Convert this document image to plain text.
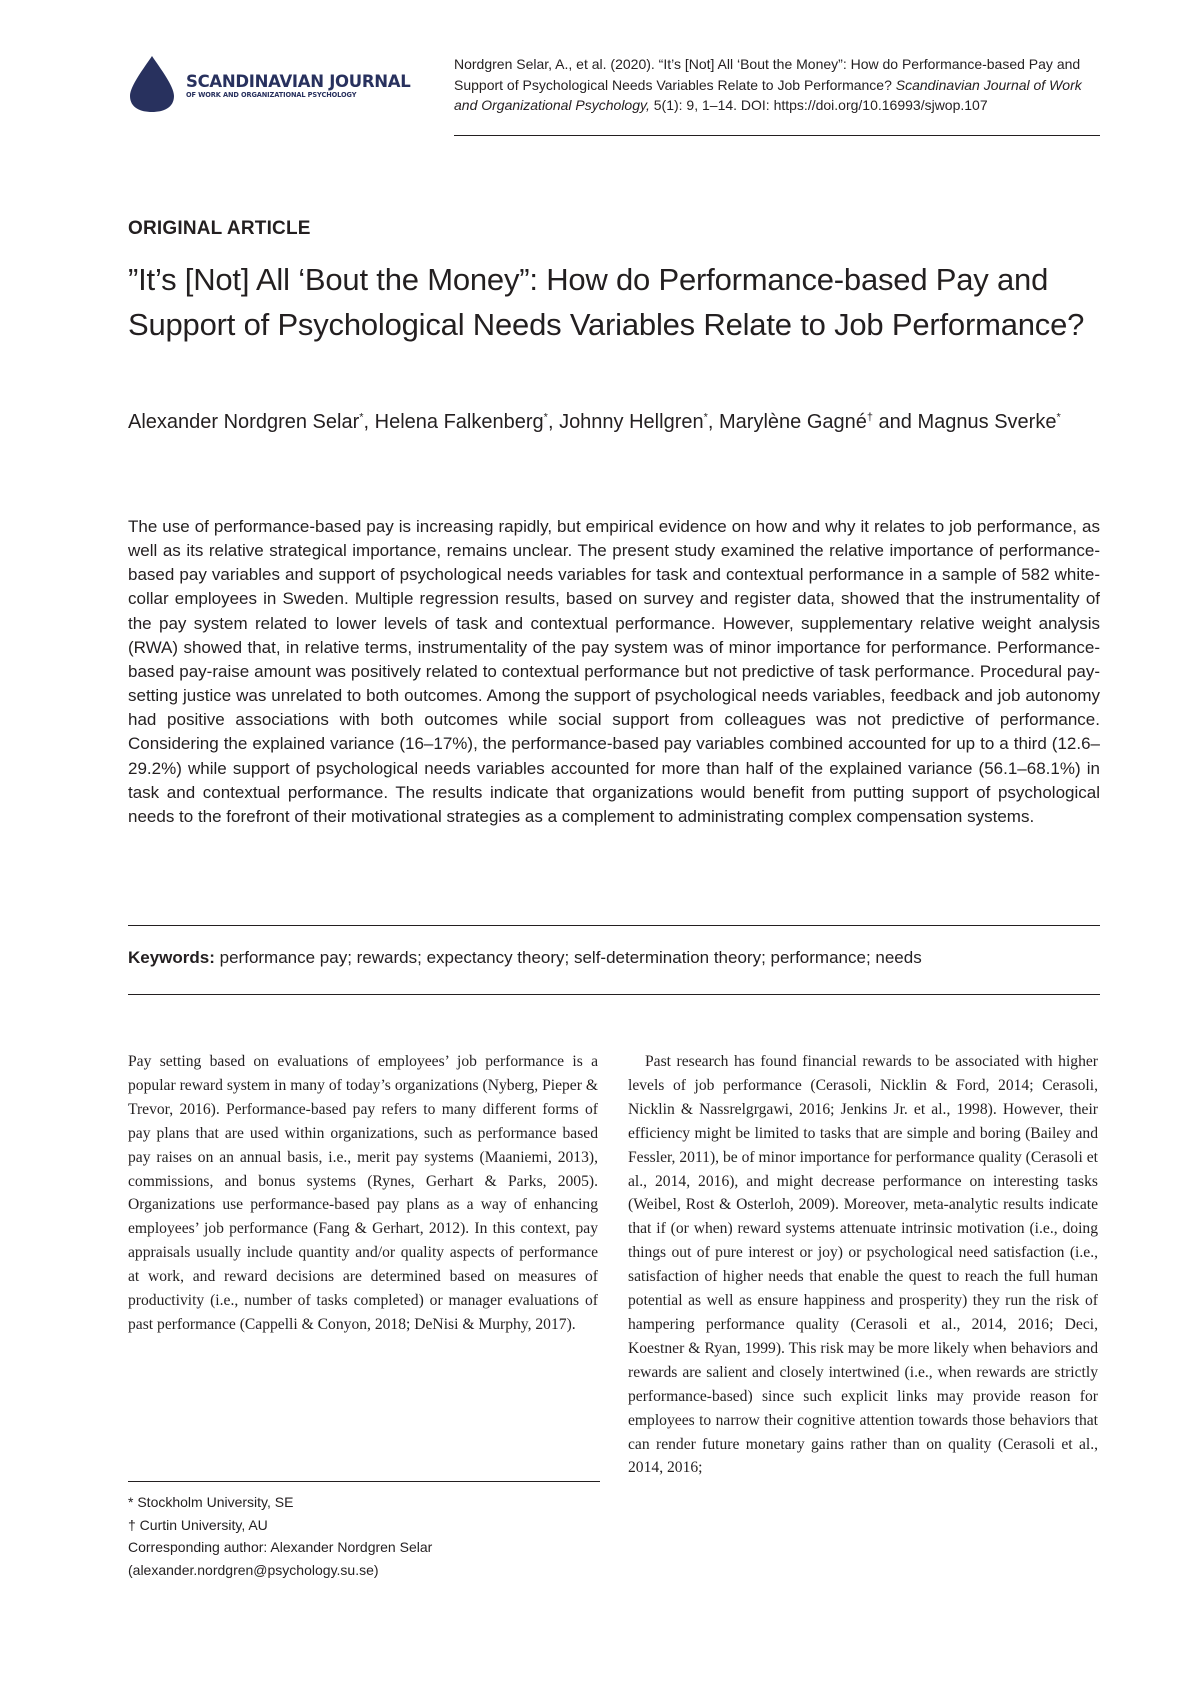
SCANDINAVIAN JOURNAL
OF WORK AND ORGANIZATIONAL PSYCHOLOGY
Nordgren Selar, A., et al. (2020). “It’s [Not] All ‘Bout the Money”: How do Performance-based Pay and Support of Psychological Needs Variables Relate to Job Performance? Scandinavian Journal of Work and Organizational Psychology, 5(1): 9, 1–14. DOI: https://doi.org/10.16993/sjwop.107
ORIGINAL ARTICLE
”It’s [Not] All ‘Bout the Money”: How do Performance-based Pay and Support of Psychological Needs Variables Relate to Job Performance?
Alexander Nordgren Selar*, Helena Falkenberg*, Johnny Hellgren*, Marylène Gagné† and Magnus Sverke*

The use of performance-based pay is increasing rapidly, but empirical evidence on how and why it relates to job performance, as well as its relative strategical importance, remains unclear. The present study examined the relative importance of performance-based pay variables and support of psychological needs variables for task and contextual performance in a sample of 582 white-collar employees in Sweden. Multiple regression results, based on survey and register data, showed that the instrumentality of the pay system related to lower levels of task and contextual performance. However, supplementary relative weight analysis (RWA) showed that, in relative terms, instrumentality of the pay system was of minor importance for performance. Performance-based pay-raise amount was positively related to contextual performance but not predictive of task performance. Procedural pay-setting justice was unrelated to both outcomes. Among the support of psychological needs variables, feedback and job autonomy had positive associations with both outcomes while social support from colleagues was not predictive of performance. Considering the explained variance (16–17%), the performance-based pay variables combined accounted for up to a third (12.6–29.2%) while support of psychological needs variables accounted for more than half of the explained variance (56.1–68.1%) in task and contextual performance. The results indicate that organizations would benefit from putting support of psychological needs to the forefront of their motivational strategies as a complement to administrating complex compensation systems.

Keywords: performance pay; rewards; expectancy theory; self-determination theory; performance; needs

Pay setting based on evaluations of employees’ job performance is a popular reward system in many of today’s organizations (Nyberg, Pieper & Trevor, 2016). Performance-based pay refers to many different forms of pay plans that are used within organizations, such as performance based pay raises on an annual basis, i.e., merit pay systems (Maaniemi, 2013), commissions, and bonus systems (Rynes, Gerhart & Parks, 2005). Organizations use performance-based pay plans as a way of enhancing employees’ job performance (Fang & Gerhart, 2012). In this context, pay appraisals usually include quantity and/or quality aspects of performance at work, and reward decisions are determined based on measures of productivity (i.e., number of tasks completed) or manager evaluations of past performance (Cappelli & Conyon, 2018; DeNisi & Murphy, 2017).

Past research has found financial rewards to be associated with higher levels of job performance (Cerasoli, Nicklin & Ford, 2014; Cerasoli, Nicklin & Nassrelgrgawi, 2016; Jenkins Jr. et al., 1998). However, their efficiency might be limited to tasks that are simple and boring (Bailey and Fessler, 2011), be of minor importance for performance quality (Cerasoli et al., 2014, 2016), and might decrease performance on interesting tasks (Weibel, Rost & Osterloh, 2009). Moreover, meta-analytic results indicate that if (or when) reward systems attenuate intrinsic motivation (i.e., doing things out of pure interest or joy) or psychological need satisfaction (i.e., satisfaction of higher needs that enable the quest to reach the full human potential as well as ensure happiness and prosperity) they run the risk of hampering performance quality (Cerasoli et al., 2014, 2016; Deci, Koestner & Ryan, 1999). This risk may be more likely when behaviors and rewards are salient and closely intertwined (i.e., when rewards are strictly performance-based) since such explicit links may provide reason for employees to narrow their cognitive attention towards those behaviors that can render future monetary gains rather than on quality (Cerasoli et al., 2014, 2016;

* Stockholm University, SE
† Curtin University, AU
Corresponding author: Alexander Nordgren Selar
(alexander.nordgren@psychology.su.se)
